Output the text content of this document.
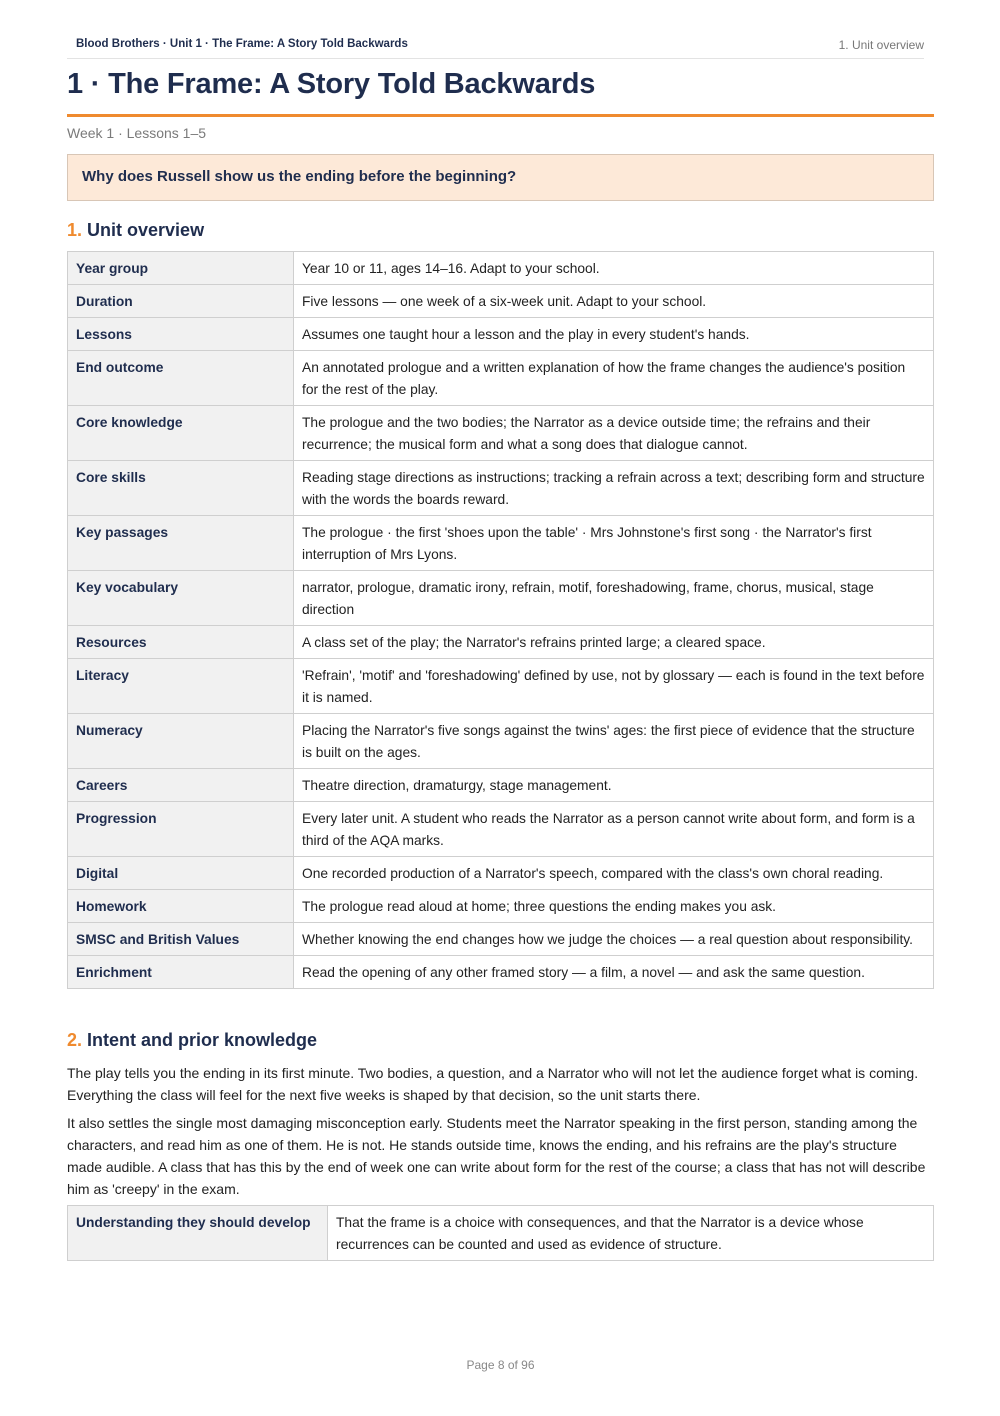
Blood Brothers · Unit 1 · The Frame: A Story Told Backwards	1. Unit overview
1 · The Frame: A Story Told Backwards
Week 1 · Lessons 1–5
Why does Russell show us the ending before the beginning?
1. Unit overview
Year group	Year 10 or 11, ages 14–16. Adapt to your school.
Duration	Five lessons — one week of a six-week unit. Adapt to your school.
Lessons	Assumes one taught hour a lesson and the play in every student's hands.
End outcome	An annotated prologue and a written explanation of how the frame changes the audience's position for the rest of the play.
Core knowledge	The prologue and the two bodies; the Narrator as a device outside time; the refrains and their recurrence; the musical form and what a song does that dialogue cannot.
Core skills	Reading stage directions as instructions; tracking a refrain across a text; describing form and structure with the words the boards reward.
Key passages	The prologue · the first 'shoes upon the table' · Mrs Johnstone's first song · the Narrator's first interruption of Mrs Lyons.
Key vocabulary	narrator, prologue, dramatic irony, refrain, motif, foreshadowing, frame, chorus, musical, stage direction
Resources	A class set of the play; the Narrator's refrains printed large; a cleared space.
Literacy	'Refrain', 'motif' and 'foreshadowing' defined by use, not by glossary — each is found in the text before it is named.
Numeracy	Placing the Narrator's five songs against the twins' ages: the first piece of evidence that the structure is built on the ages.
Careers	Theatre direction, dramaturgy, stage management.
Progression	Every later unit. A student who reads the Narrator as a person cannot write about form, and form is a third of the AQA marks.
Digital	One recorded production of a Narrator's speech, compared with the class's own choral reading.
Homework	The prologue read aloud at home; three questions the ending makes you ask.
SMSC and British Values	Whether knowing the end changes how we judge the choices — a real question about responsibility.
Enrichment	Read the opening of any other framed story — a film, a novel — and ask the same question.
2. Intent and prior knowledge

The play tells you the ending in its first minute. Two bodies, a question, and a Narrator who will not let the audience forget what is coming. Everything the class will feel for the next five weeks is shaped by that decision, so the unit starts there.

It also settles the single most damaging misconception early. Students meet the Narrator speaking in the first person, standing among the characters, and read him as one of them. He is not. He stands outside time, knows the ending, and his refrains are the play's structure made audible. A class that has this by the end of week one can write about form for the rest of the course; a class that has not will describe him as 'creepy' in the exam.

Understanding they should develop	That the frame is a choice with consequences, and that the Narrator is a device whose recurrences can be counted and used as evidence of structure.
Page 8 of 96
